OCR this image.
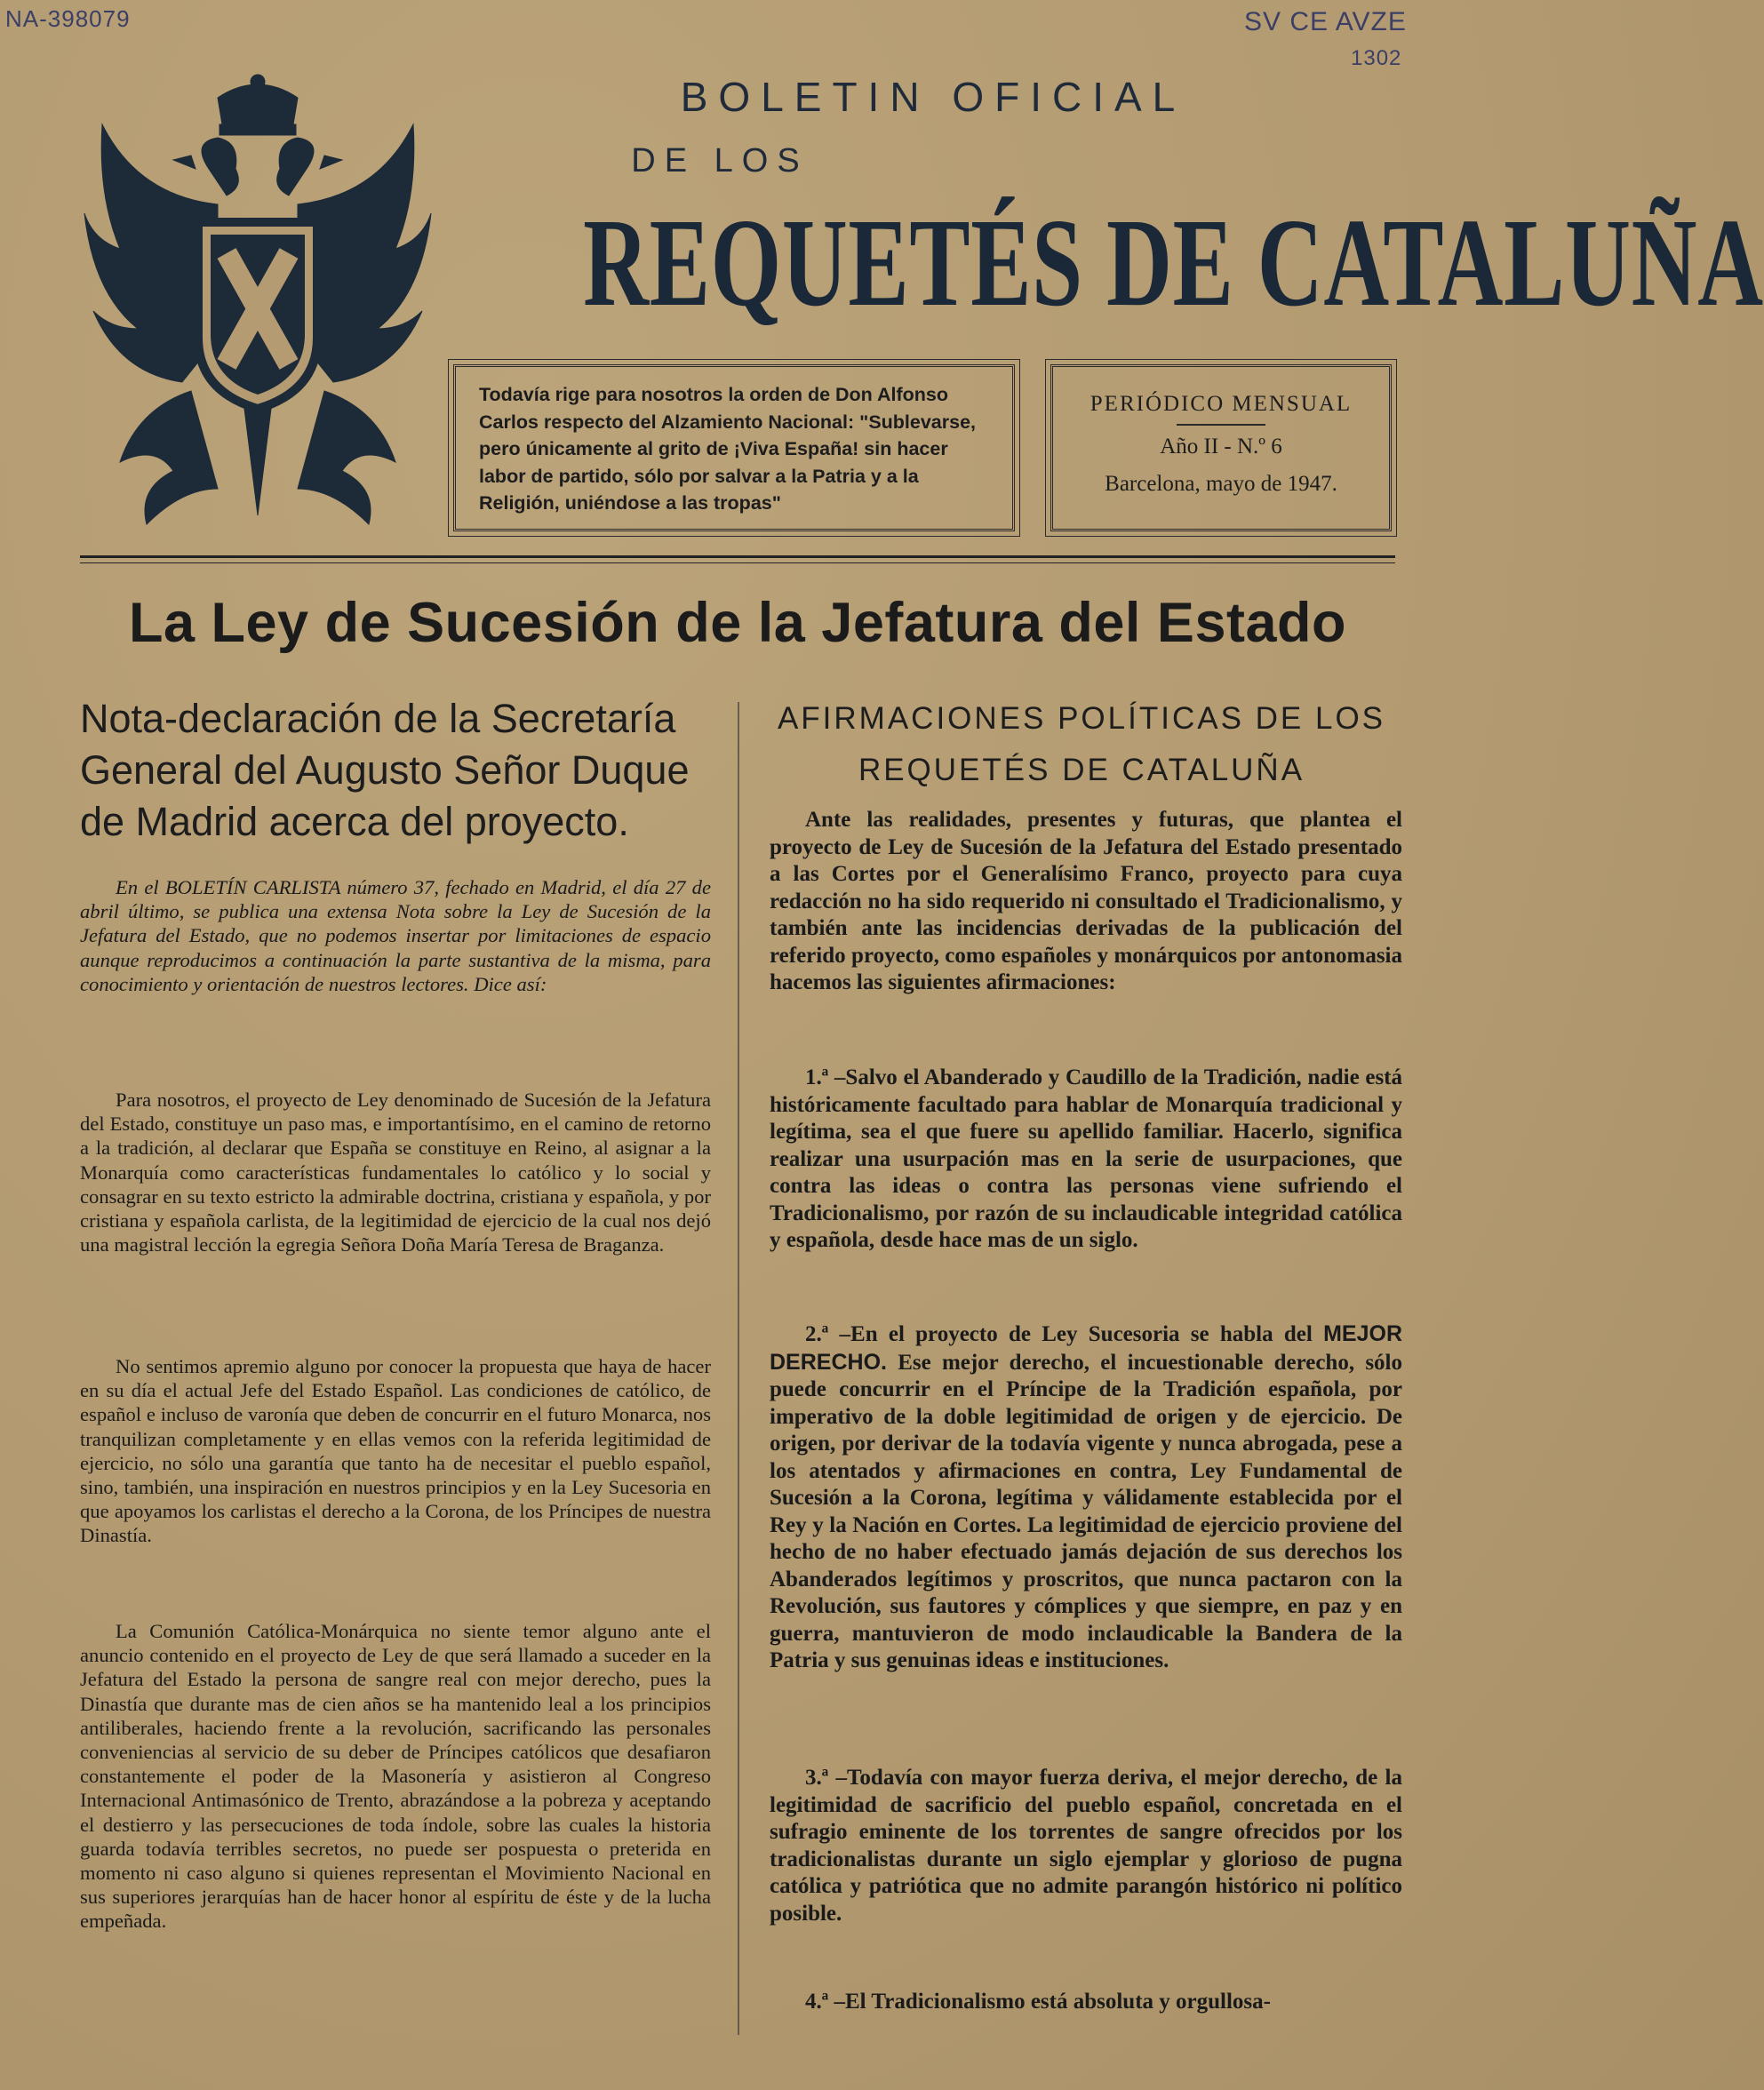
NA-398079	SV CE AVZE
1302
BOLETIN OFICIAL
DE LOS
REQUETÉS DE CATALUÑA
Todavía rige para nosotros la orden de Don Alfonso Carlos respecto del Alzamiento Nacional: "Sublevarse, pero únicamente al grito de ¡Viva España! sin hacer labor de partido, sólo por salvar a la Patria y a la Religión, uniéndose a las tropas"
PERIÓDICO MENSUAL
Año II - N.º 6
Barcelona, mayo de 1947.
La Ley de Sucesión de la Jefatura del Estado
Nota-declaración de la Secretaría General del Augusto Señor Duque de Madrid acerca del proyecto.

En el BOLETÍN CARLISTA número 37, fechado en Madrid, el día 27 de abril último, se publica una extensa Nota sobre la Ley de Sucesión de la Jefatura del Estado, que no podemos insertar por limitaciones de espacio aunque reproducimos a continuación la parte sustantiva de la misma, para conocimiento y orientación de nuestros lectores. Dice así:

Para nosotros, el proyecto de Ley denominado de Sucesión de la Jefatura del Estado, constituye un paso mas, e importantísimo, en el camino de retorno a la tradición, al declarar que España se constituye en Reino, al asignar a la Monarquía como características fundamentales lo católico y lo social y consagrar en su texto estricto la admirable doctrina, cristiana y española, y por cristiana y española carlista, de la legitimidad de ejercicio de la cual nos dejó una magistral lección la egregia Señora Doña María Teresa de Braganza.

No sentimos apremio alguno por conocer la propuesta que haya de hacer en su día el actual Jefe del Estado Español. Las condiciones de católico, de español e incluso de varonía que deben de concurrir en el futuro Monarca, nos tranquilizan completamente y en ellas vemos con la referida legitimidad de ejercicio, no sólo una garantía que tanto ha de necesitar el pueblo español, sino, también, una inspiración en nuestros principios y en la Ley Sucesoria en que apoyamos los carlistas el derecho a la Corona, de los Príncipes de nuestra Dinastía.

La Comunión Católica-Monárquica no siente temor alguno ante el anuncio contenido en el proyecto de Ley de que será llamado a suceder en la Jefatura del Estado la persona de sangre real con mejor derecho, pues la Dinastía que durante mas de cien años se ha mantenido leal a los principios antiliberales, haciendo frente a la revolución, sacrificando las personales conveniencias al servicio de su deber de Príncipes católicos que desafiaron constantemente el poder de la Masonería y asistieron al Congreso Internacional Antimasónico de Trento, abrazándose a la pobreza y aceptando el destierro y las persecuciones de toda índole, sobre las cuales la historia guarda todavía terribles secretos, no puede ser pospuesta o preterida en momento ni caso alguno si quienes representan el Movimiento Nacional en sus superiores jerarquías han de hacer honor al espíritu de éste y de la lucha empeñada.

AFIRMACIONES POLÍTICAS DE LOS REQUETÉS DE CATALUÑA

Ante las realidades, presentes y futuras, que plantea el proyecto de Ley de Sucesión de la Jefatura del Estado presentado a las Cortes por el Generalísimo Franco, proyecto para cuya redacción no ha sido requerido ni consultado el Tradicionalismo, y también ante las incidencias derivadas de la publicación del referido proyecto, como españoles y monárquicos por antonomasia hacemos las siguientes afirmaciones:

1.ª –Salvo el Abanderado y Caudillo de la Tradición, nadie está históricamente facultado para hablar de Monarquía tradicional y legítima, sea el que fuere su apellido familiar. Hacerlo, significa realizar una usurpación mas en la serie de usurpaciones, que contra las ideas o contra las personas viene sufriendo el Tradicionalismo, por razón de su inclaudicable integridad católica y española, desde hace mas de un siglo.

2.ª –En el proyecto de Ley Sucesoria se habla del MEJOR DERECHO. Ese mejor derecho, el incuestionable derecho, sólo puede concurrir en el Príncipe de la Tradición española, por imperativo de la doble legitimidad de origen y de ejercicio. De origen, por derivar de la todavía vigente y nunca abrogada, pese a los atentados y afirmaciones en contra, Ley Fundamental de Sucesión a la Corona, legítima y válidamente establecida por el Rey y la Nación en Cortes. La legitimidad de ejercicio proviene del hecho de no haber efectuado jamás dejación de sus derechos los Abanderados legítimos y proscritos, que nunca pactaron con la Revolución, sus fautores y cómplices y que siempre, en paz y en guerra, mantuvieron de modo inclaudicable la Bandera de la Patria y sus genuinas ideas e instituciones.

3.ª –Todavía con mayor fuerza deriva, el mejor derecho, de la legitimidad de sacrificio del pueblo español, concretada en el sufragio eminente de los torrentes de sangre ofrecidos por los tradicionalistas durante un siglo ejemplar y glorioso de pugna católica y patriótica que no admite parangón histórico ni político posible.

4.ª –El Tradicionalismo está absoluta y orgullosa-
